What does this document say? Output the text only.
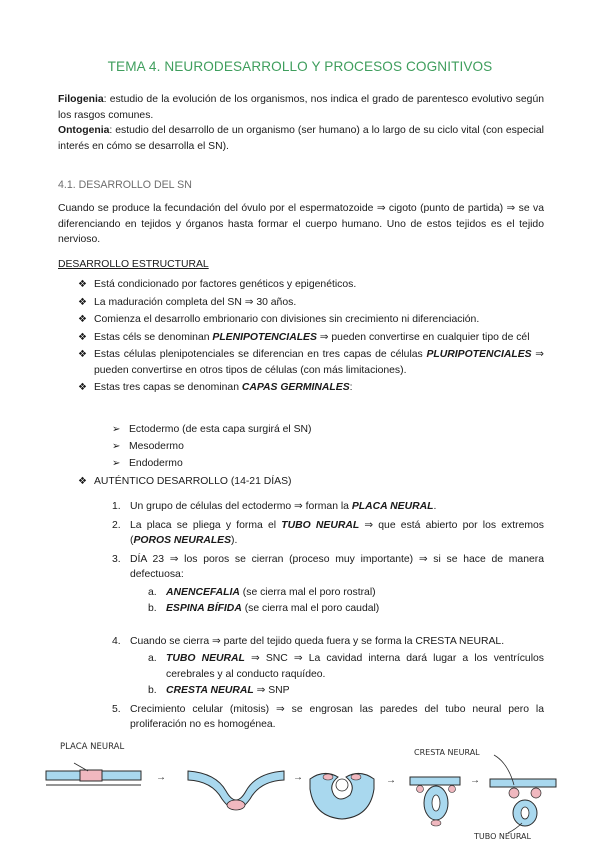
TEMA 4. NEURODESARROLLO Y PROCESOS COGNITIVOS
Filogenia: estudio de la evolución de los organismos, nos indica el grado de parentesco evolutivo según los rasgos comunes.
Ontogenia: estudio del desarrollo de un organismo (ser humano) a lo largo de su ciclo vital (con especial interés en cómo se desarrolla el SN).
4.1. DESARROLLO DEL SN
Cuando se produce la fecundación del óvulo por el espermatozoide ⇒ cigoto (punto de partida) ⇒ se va diferenciando en tejidos y órganos hasta formar el cuerpo humano. Uno de estos tejidos es el tejido nervioso.
DESARROLLO ESTRUCTURAL
❖ Está condicionado por factores genéticos y epigenéticos.
❖ La maduración completa del SN ⇒ 30 años.
❖ Comienza el desarrollo embrionario con divisiones sin crecimiento ni diferenciación.
❖ Estas céls se denominan PLENIPOTENCIALES ⇒ pueden convertirse en cualquier tipo de cél
❖ Estas células plenipotenciales se diferencian en tres capas de células PLURIPOTENCIALES ⇒ pueden convertirse en otros tipos de células (con más limitaciones).
❖ Estas tres capas se denominan CAPAS GERMINALES:
➢ Ectodermo (de esta capa surgirá el SN)
➢ Mesodermo
➢ Endodermo
❖ AUTÉNTICO DESARROLLO (14-21 DÍAS)
1. Un grupo de células del ectodermo ⇒ forman la PLACA NEURAL.
2. La placa se pliega y forma el TUBO NEURAL ⇒ que está abierto por los extremos (POROS NEURALES).
3. DÍA 23 ⇒ los poros se cierran (proceso muy importante) ⇒ si se hace de manera defectuosa:
a. ANENCEFALIA (se cierra mal el poro rostral)
b. ESPINA BÍFIDA (se cierra mal el poro caudal)
4. Cuando se cierra ⇒ parte del tejido queda fuera y se forma la CRESTA NEURAL.
a. TUBO NEURAL ⇒ SNC ⇒ La cavidad interna dará lugar a los ventrículos cerebrales y al conducto raquídeo.
b. CRESTA NEURAL ⇒ SNP
5. Crecimiento celular (mitosis) ⇒ se engrosan las paredes del tubo neural pero la proliferación no es homogénea.
PLACA NEURAL
→	→	→	→
CRESTA NEURAL
TUBO NEURAL
